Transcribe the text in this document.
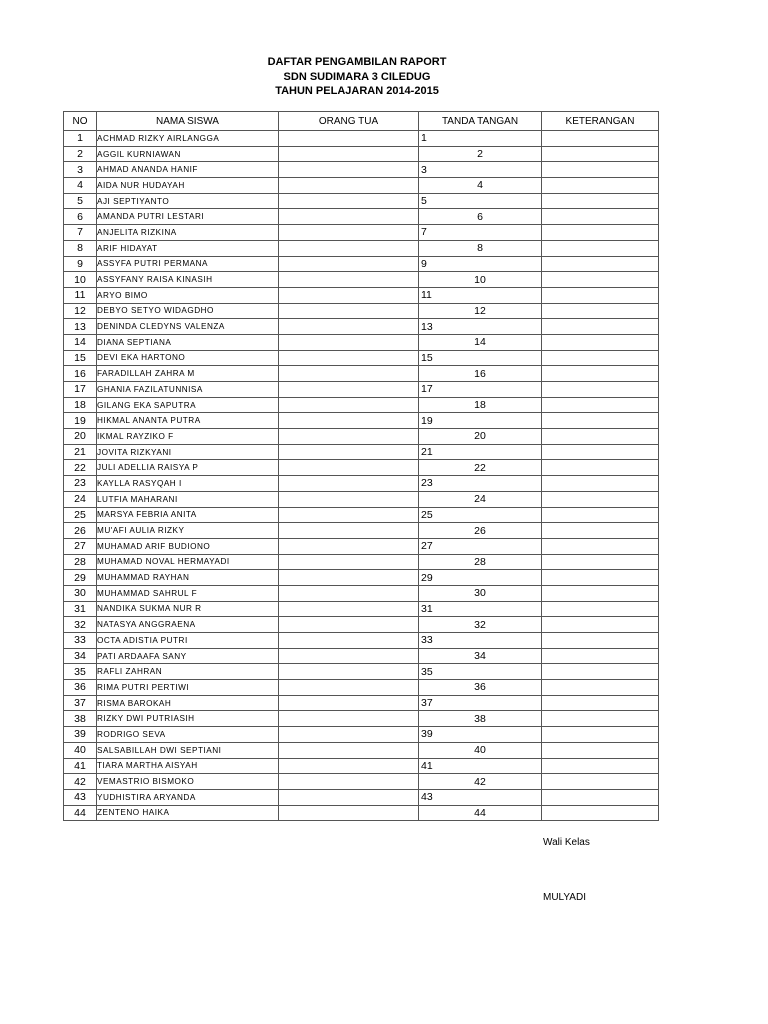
DAFTAR PENGAMBILAN RAPORT
SDN SUDIMARA 3 CILEDUG
TAHUN PELAJARAN 2014-2015
NO	NAMA SISWA	ORANG TUA	TANDA TANGAN	KETERANGAN
1	ACHMAD RIZKY AIRLANGGA		1	
2	AGGIL KURNIAWAN		2	
3	AHMAD ANANDA HANIF		3	
4	AIDA NUR HUDAYAH		4	
5	AJI SEPTIYANTO		5	
6	AMANDA PUTRI LESTARI		6	
7	ANJELITA RIZKINA		7	
8	ARIF HIDAYAT		8	
9	ASSYFA PUTRI PERMANA		9	
10	ASSYFANY RAISA KINASIH		10	
11	ARYO BIMO		11	
12	DEBYO SETYO WIDAGDHO		12	
13	DENINDA CLEDYNS VALENZA		13	
14	DIANA SEPTIANA		14	
15	DEVI EKA HARTONO		15	
16	FARADILLAH ZAHRA M		16	
17	GHANIA FAZILATUNNISA		17	
18	GILANG EKA SAPUTRA		18	
19	HIKMAL ANANTA PUTRA		19	
20	IKMAL RAYZIKO F		20	
21	JOVITA RIZKYANI		21	
22	JULI ADELLIA RAISYA P		22	
23	KAYLLA RASYQAH I		23	
24	LUTFIA MAHARANI		24	
25	MARSYA FEBRIA ANITA		25	
26	MU'AFI AULIA RIZKY		26	
27	MUHAMAD ARIF BUDIONO		27	
28	MUHAMAD NOVAL HERMAYADI		28	
29	MUHAMMAD RAYHAN		29	
30	MUHAMMAD SAHRUL F		30	
31	NANDIKA SUKMA NUR R		31	
32	NATASYA ANGGRAENA		32	
33	OCTA ADISTIA PUTRI		33	
34	PATI ARDAAFA SANY		34	
35	RAFLI ZAHRAN		35	
36	RIMA PUTRI PERTIWI		36	
37	RISMA BAROKAH		37	
38	RIZKY DWI PUTRIASIH		38	
39	RODRIGO SEVA		39	
40	SALSABILLAH DWI SEPTIANI		40	
41	TIARA MARTHA AISYAH		41	
42	VEMASTRIO BISMOKO		42	
43	YUDHISTIRA ARYANDA		43	
44	ZENTENO HAIKA		44	
Wali Kelas
MULYADI
